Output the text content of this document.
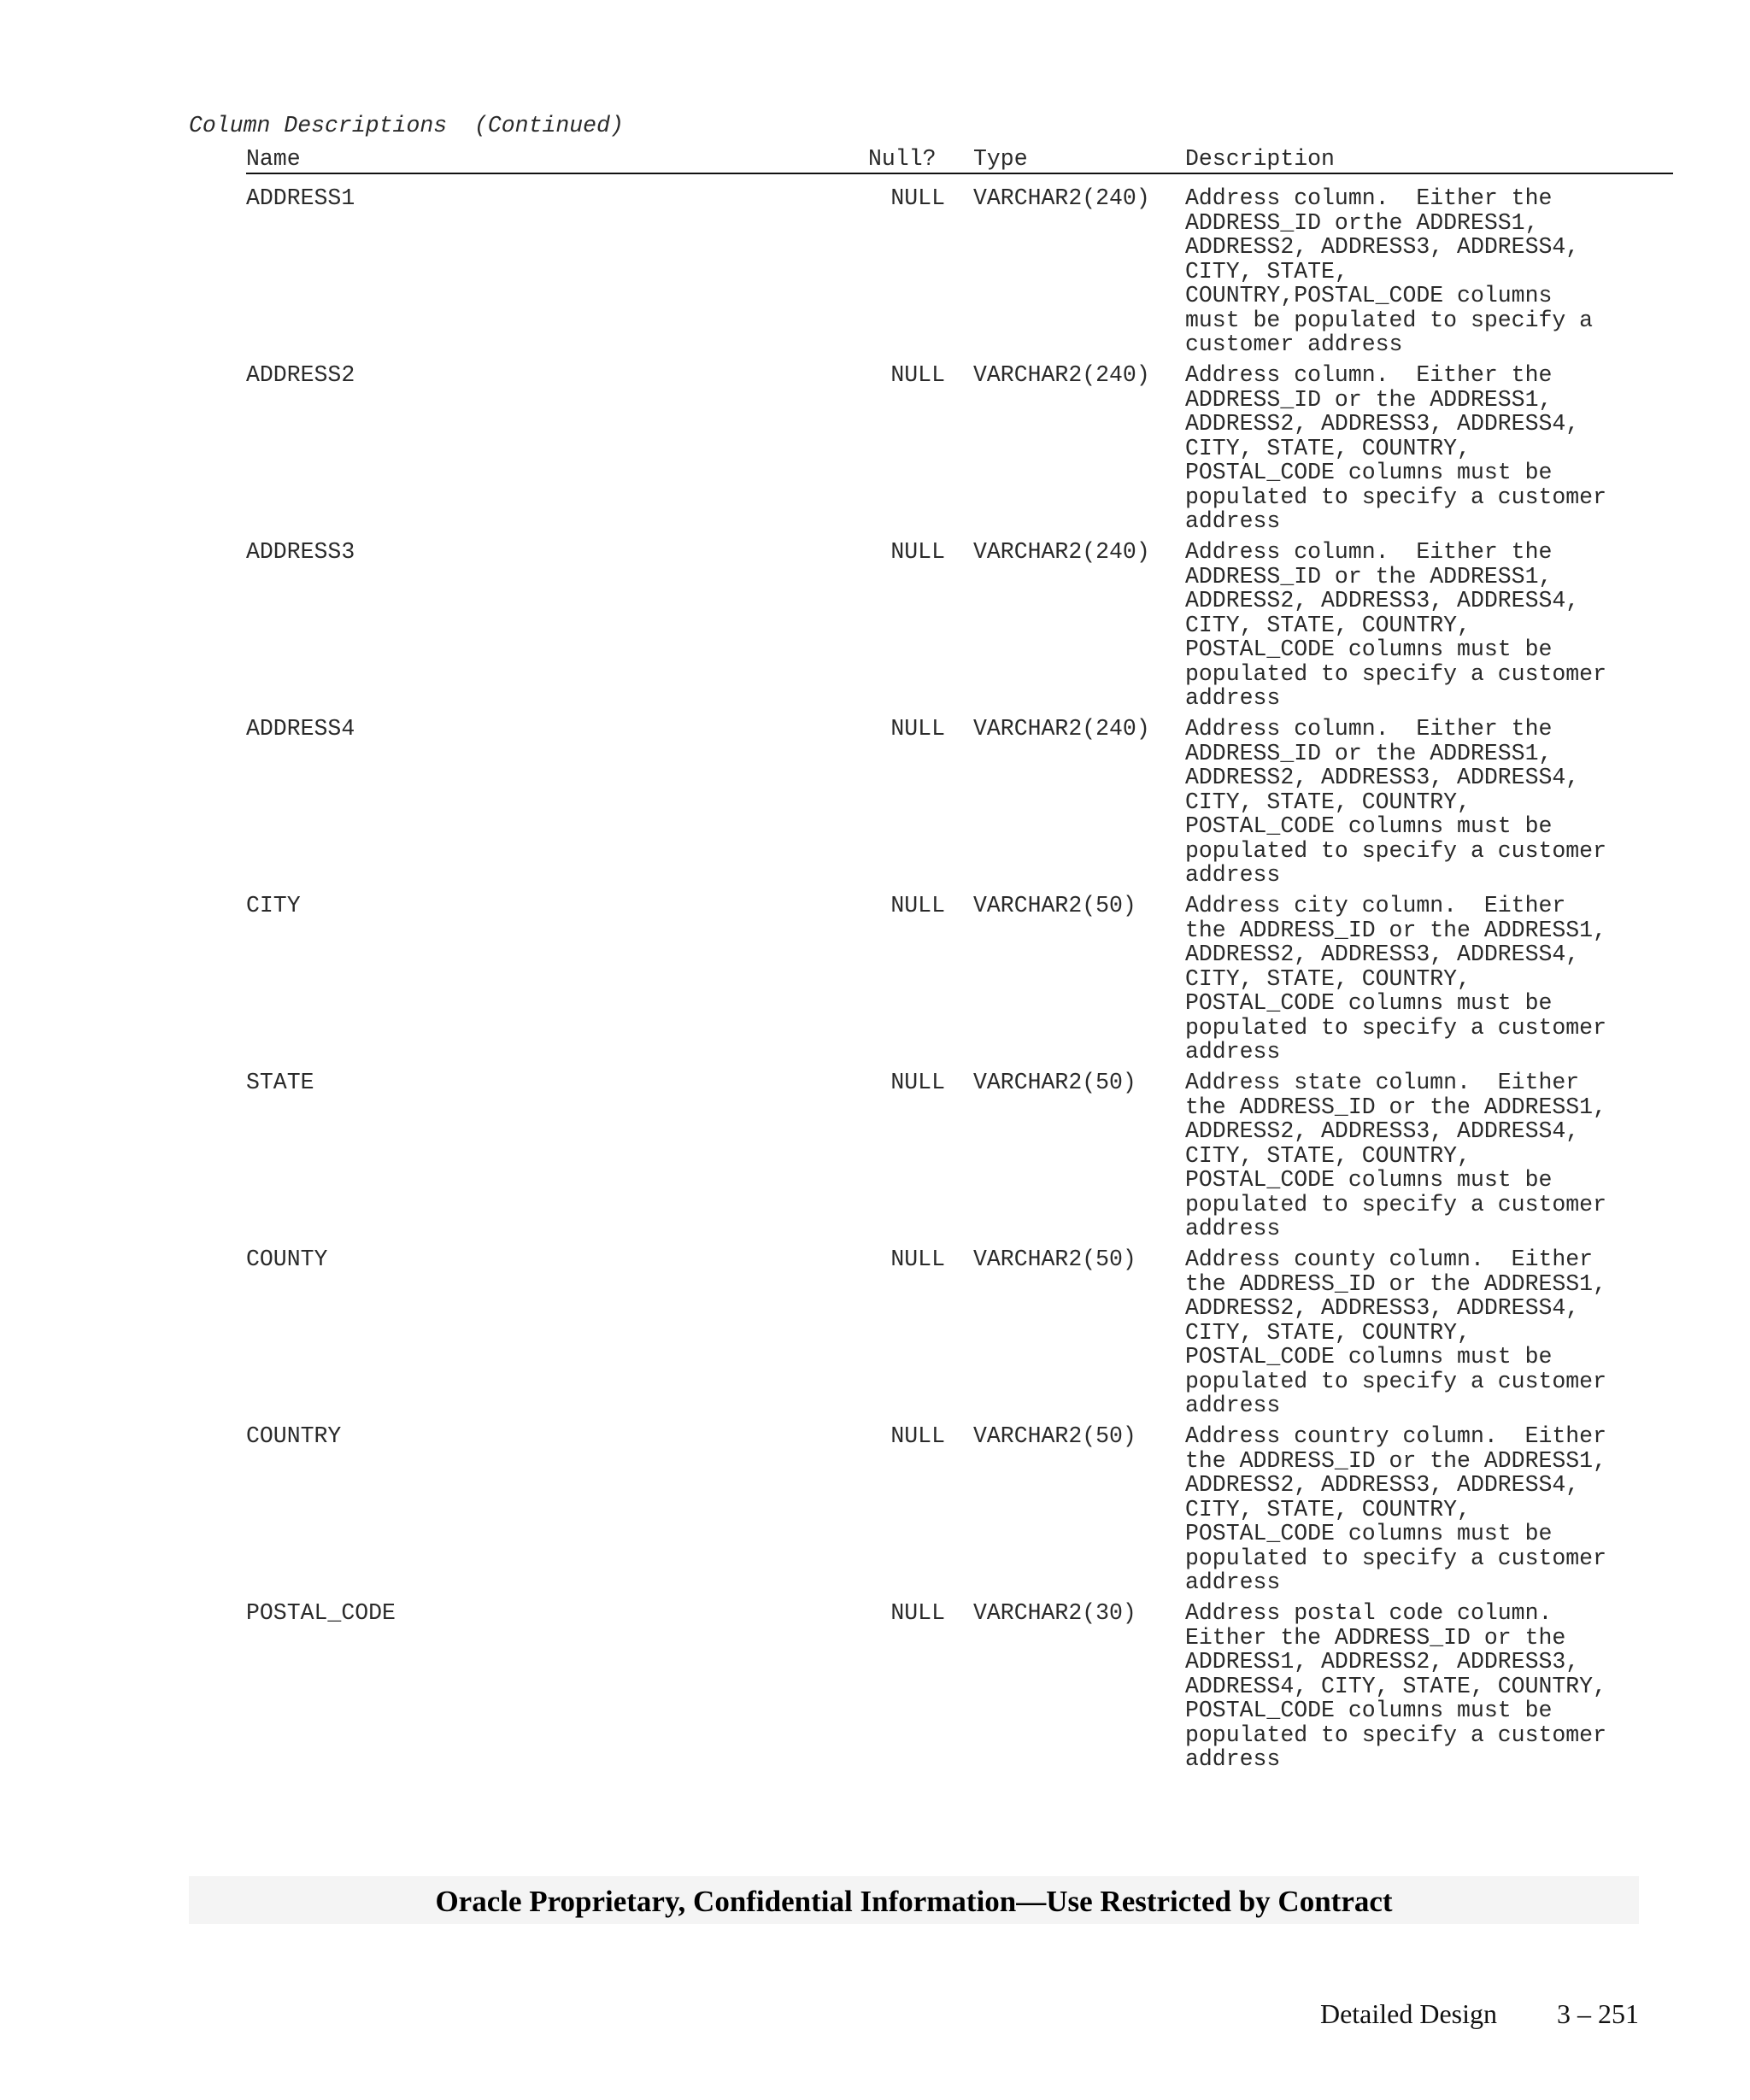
Column Descriptions  (Continued)
Name	Null? Type	Description
ADDRESS1	NULL VARCHAR2(240) Address column.  Either the
ADDRESS_ID orthe ADDRESS1,
ADDRESS2, ADDRESS3, ADDRESS4,
CITY, STATE,
COUNTRY,POSTAL_CODE columns
must be populated to specify a
customer address
ADDRESS2	NULL VARCHAR2(240) Address column.  Either the
ADDRESS_ID or the ADDRESS1,
ADDRESS2, ADDRESS3, ADDRESS4,
CITY, STATE, COUNTRY,
POSTAL_CODE columns must be
populated to specify a customer
address
ADDRESS3	NULL VARCHAR2(240) Address column.  Either the
ADDRESS_ID or the ADDRESS1,
ADDRESS2, ADDRESS3, ADDRESS4,
CITY, STATE, COUNTRY,
POSTAL_CODE columns must be
populated to specify a customer
address
ADDRESS4	NULL VARCHAR2(240) Address column.  Either the
ADDRESS_ID or the ADDRESS1,
ADDRESS2, ADDRESS3, ADDRESS4,
CITY, STATE, COUNTRY,
POSTAL_CODE columns must be
populated to specify a customer
address
CITY	NULL VARCHAR2(50) Address city column.  Either
the ADDRESS_ID or the ADDRESS1,
ADDRESS2, ADDRESS3, ADDRESS4,
CITY, STATE, COUNTRY,
POSTAL_CODE columns must be
populated to specify a customer
address
STATE	NULL VARCHAR2(50) Address state column.  Either
the ADDRESS_ID or the ADDRESS1,
ADDRESS2, ADDRESS3, ADDRESS4,
CITY, STATE, COUNTRY,
POSTAL_CODE columns must be
populated to specify a customer
address
COUNTY	NULL VARCHAR2(50) Address county column.  Either
the ADDRESS_ID or the ADDRESS1,
ADDRESS2, ADDRESS3, ADDRESS4,
CITY, STATE, COUNTRY,
POSTAL_CODE columns must be
populated to specify a customer
address
COUNTRY	NULL VARCHAR2(50) Address country column.  Either
the ADDRESS_ID or the ADDRESS1,
ADDRESS2, ADDRESS3, ADDRESS4,
CITY, STATE, COUNTRY,
POSTAL_CODE columns must be
populated to specify a customer
address
POSTAL_CODE	NULL VARCHAR2(30) Address postal code column.
Either the ADDRESS_ID or the
ADDRESS1, ADDRESS2, ADDRESS3,
ADDRESS4, CITY, STATE, COUNTRY,
POSTAL_CODE columns must be
populated to specify a customer
address
Oracle Proprietary, Confidential Information––Use Restricted by Contract

Detailed Design 3 – 251
